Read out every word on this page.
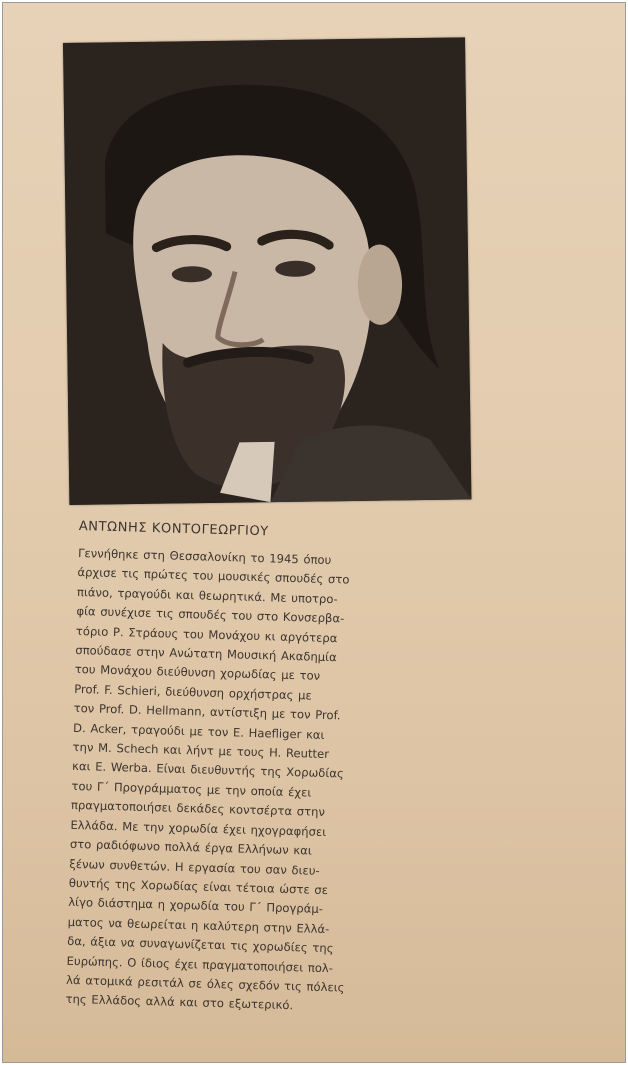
ΑΝΤΩΝΗΣ ΚΟΝΤΟΓΕΩΡΓΙΟΥ

Γεννήθηκε στη Θεσσαλονίκη το 1945 όπου
άρχισε τις πρώτες του μουσικές σπουδές στο
πιάνο, τραγούδι και θεωρητικά. Με υποτρο-
φία συνέχισε τις σπουδές του στο Κονσερβα-
τόριο Ρ. Στράους του Μονάχου κι αργότερα
σπούδασε στην Ανώτατη Μουσική Ακαδημία
του Μονάχου διεύθυνση χορωδίας με τον
Prof. F. Schieri, διεύθυνση ορχήστρας με
τον Prof. D. Hellmann, αντίστιξη με τον Prof.
D. Acker, τραγούδι με τον E. Haefliger και
την M. Schech και λήντ με τους H. Reutter
και E. Werba. Είναι διευθυντής της Χορωδίας
του Γ΄ Προγράμματος με την οποία έχει
πραγματοποιήσει δεκάδες κοντσέρτα στην
Ελλάδα. Με την χορωδία έχει ηχογραφήσει
στο ραδιόφωνο πολλά έργα Ελλήνων και
ξένων συνθετών. Η εργασία του σαν διευ-
θυντής της Χορωδίας είναι τέτοια ώστε σε
λίγο διάστημα η χορωδία του Γ΄ Προγράμ-
ματος να θεωρείται η καλύτερη στην Ελλά-
δα, άξια να συναγωνίζεται τις χορωδίες της
Ευρώπης. Ο ίδιος έχει πραγματοποιήσει πολ-
λά ατομικά ρεσιτάλ σε όλες σχεδόν τις πόλεις
της Ελλάδος αλλά και στο εξωτερικό.
